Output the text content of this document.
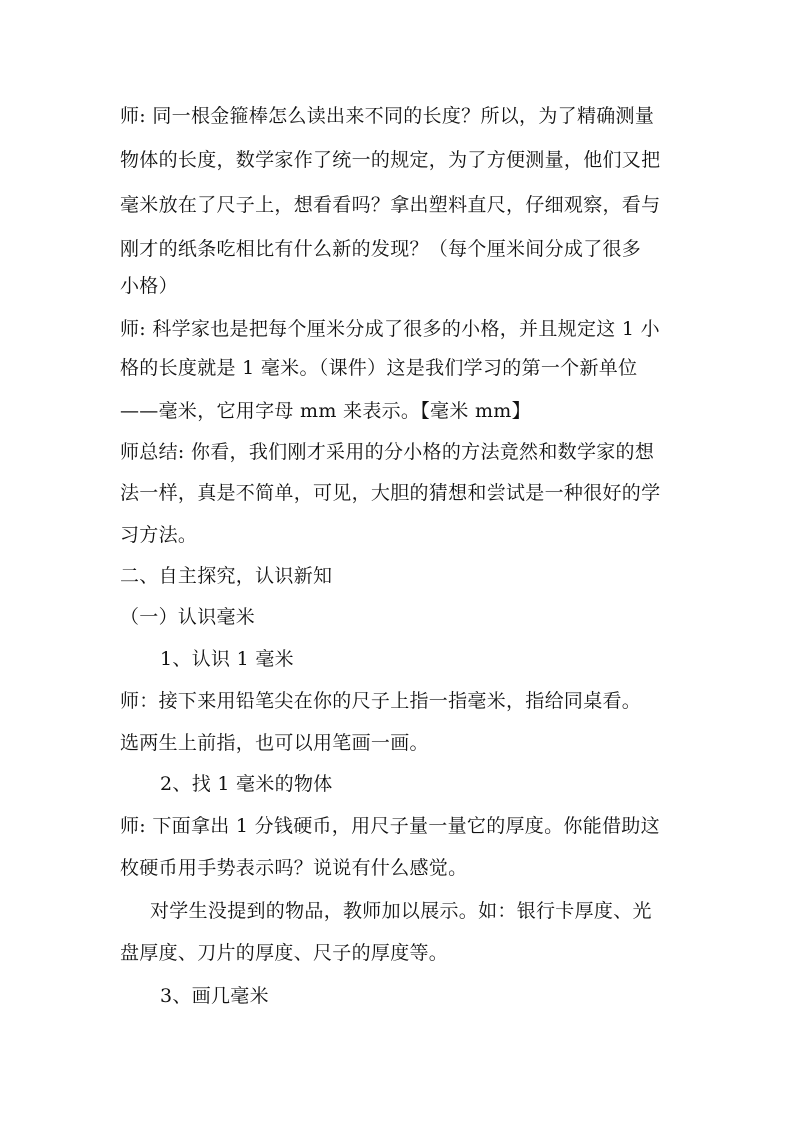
师: 同一根金箍棒怎么读出来不同的长度？所以，为了精确测量
物体的长度，数学家作了统一的规定，为了方便测量，他们又把
毫米放在了尺子上，想看看吗？拿出塑料直尺，仔细观察，看与
刚才的纸条吃相比有什么新的发现？（每个厘米间分成了很多
小格）
师: 科学家也是把每个厘米分成了很多的小格，并且规定这 1 小
格的长度就是 1 毫米。（课件）这是我们学习的第一个新单位
——毫米，它用字母 mm 来表示。【毫米 mm】
师总结: 你看，我们刚才采用的分小格的方法竟然和数学家的想
法一样，真是不简单，可见，大胆的猜想和尝试是一种很好的学
习方法。
二、自主探究，认识新知
（一）认识毫米
1、认识 1 毫米
师：接下来用铅笔尖在你的尺子上指一指毫米，指给同桌看。
选两生上前指，也可以用笔画一画。
2、找 1 毫米的物体
师: 下面拿出 1 分钱硬币，用尺子量一量它的厚度。你能借助这
枚硬币用手势表示吗？说说有什么感觉。
对学生没提到的物品，教师加以展示。如：银行卡厚度、光
盘厚度、刀片的厚度、尺子的厚度等。
3、画几毫米
